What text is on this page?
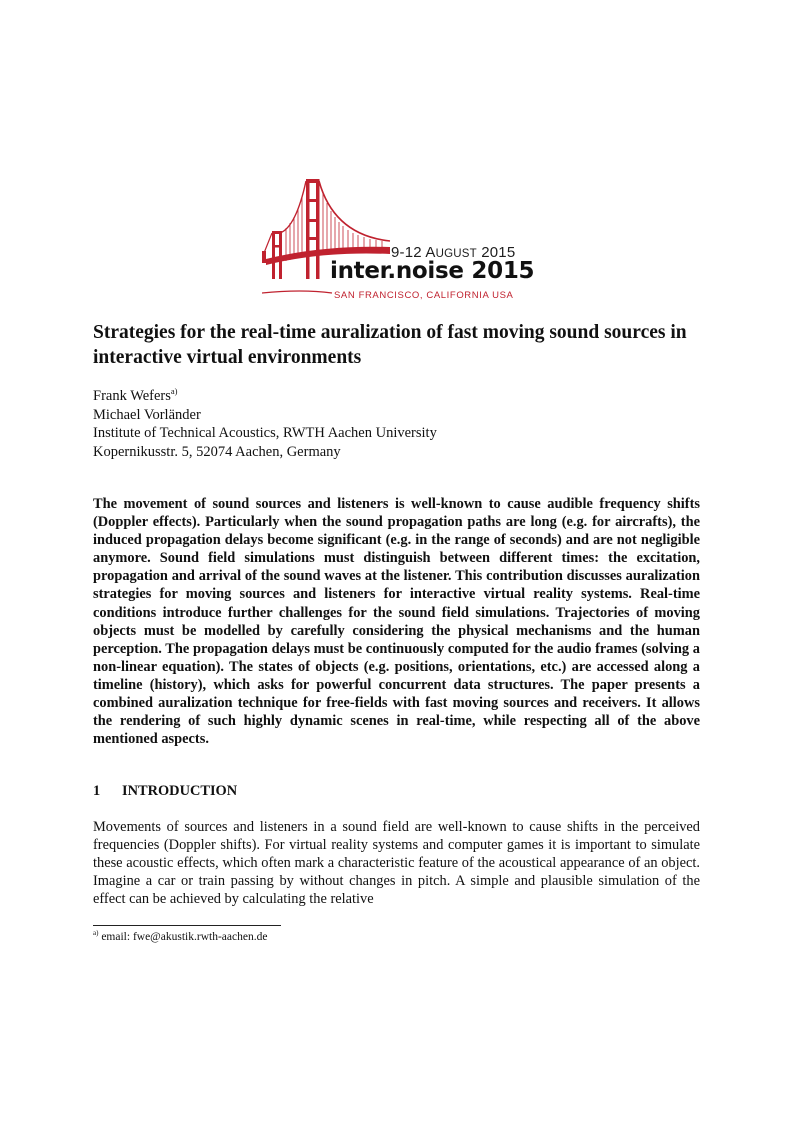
9-12 AUGUST 2015
inter.noise 2015
SAN FRANCISCO, CALIFORNIA USA
Strategies for the real-time auralization of fast moving sound sources in interactive virtual environments
Frank Wefers$^{a)}$
Michael Vorländer
Institute of Technical Acoustics, RWTH Aachen University
Kopernikusstr. 5, 52074 Aachen, Germany

The movement of sound sources and listeners is well-known to cause audible frequency shifts (Doppler effects). Particularly when the sound propagation paths are long (e.g. for aircrafts), the induced propagation delays become significant (e.g. in the range of seconds) and are not negligible anymore. Sound field simulations must distinguish between different times: the excitation, propagation and arrival of the sound waves at the listener. This contribution discusses auralization strategies for moving sources and listeners for interactive virtual reality systems. Real-time conditions introduce further challenges for the sound field simulations. Trajectories of moving objects must be modelled by carefully considering the physical mechanisms and the human perception. The propagation delays must be continuously computed for the audio frames (solving a non-linear equation). The states of objects (e.g. positions, orientations, etc.) are accessed along a timeline (history), which asks for powerful concurrent data structures. The paper presents a combined auralization technique for free-fields with fast moving sources and receivers. It allows the rendering of such highly dynamic scenes in real-time, while respecting all of the above mentioned aspects.

1 INTRODUCTION

Movements of sources and listeners in a sound field are well-known to cause shifts in the perceived frequencies (Doppler shifts). For virtual reality systems and computer games it is important to simulate these acoustic effects, which often mark a characteristic feature of the acoustical appearance of an object. Imagine a car or train passing by without changes in pitch. A simple and plausible simulation of the effect can be achieved by calculating the relative

$^{a)}$ email: fwe@akustik.rwth-aachen.de
